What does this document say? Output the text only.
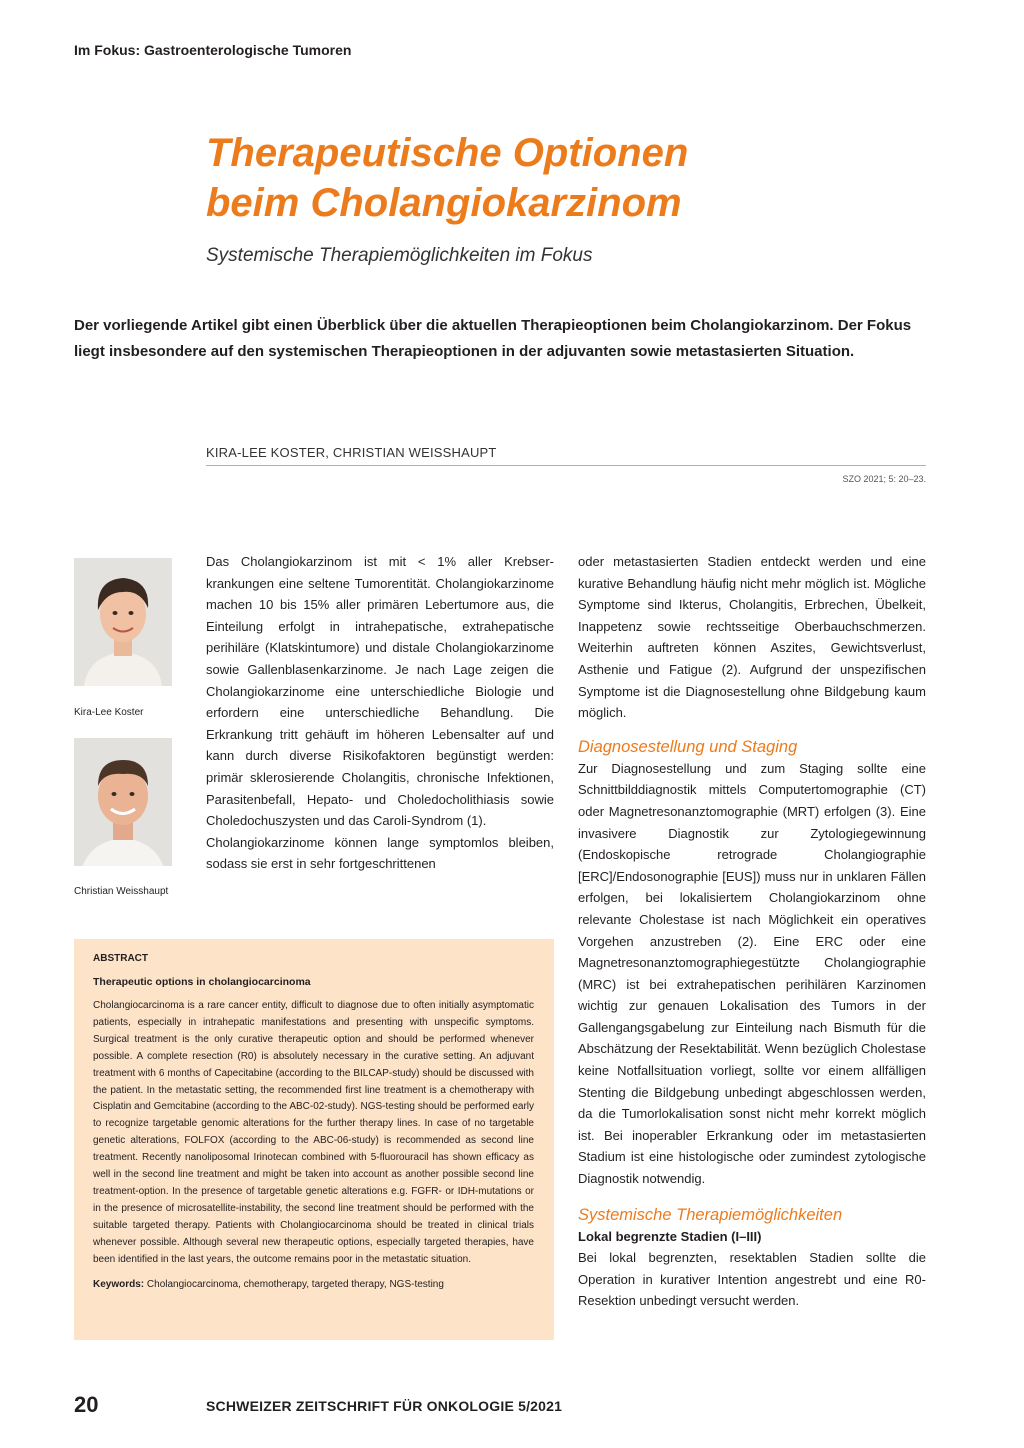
Im Fokus: Gastroenterologische Tumoren
Therapeutische Optionen
beim Cholangiokarzinom
Systemische Therapiemöglichkeiten im Fokus
Der vorliegende Artikel gibt einen Überblick über die aktuellen Therapieoptionen beim Cholangiokarzinom. Der Fokus liegt insbesondere auf den systemischen Therapieoptionen in der adjuvanten sowie metastasierten Situation.
KIRA-LEE KOSTER, CHRISTIAN WEISSHAUPT
SZO 2021; 5: 20–23.
Kira-Lee Koster
Christian Weisshaupt

Das Cholangiokarzinom ist mit < 1% aller Krebserkrankungen eine seltene Tumorentität. Cholangiokarzinome machen 10 bis 15% aller primären Lebertumore aus, die Einteilung erfolgt in intrahepatische, extrahepatische perihiläre (Klatskintumore) und distale Cholangiokarzinome sowie Gallenblasenkarzinome. Je nach Lage zeigen die Cholangiokarzinome eine unterschiedliche Biologie und erfordern eine unterschiedliche Behandlung. Die Erkrankung tritt gehäuft im höheren Lebensalter auf und kann durch diverse Risikofaktoren begünstigt werden: primär sklerosierende Cholangitis, chronische Infektionen, Parasitenbefall, Hepato- und Choledocholithiasis sowie Choledochuszysten und das Caroli-Syndrom (1).

Cholangiokarzinome können lange symptomlos bleiben, sodass sie erst in sehr fortgeschrittenen

oder metastasierten Stadien entdeckt werden und eine kurative Behandlung häufig nicht mehr möglich ist. Mögliche Symptome sind Ikterus, Cholangitis, Erbrechen, Übelkeit, Inappetenz sowie rechtsseitige Oberbauchschmerzen. Weiterhin auftreten können Aszites, Gewichtsverlust, Asthenie und Fatigue (2). Aufgrund der unspezifischen Symptome ist die Diagnosestellung ohne Bildgebung kaum möglich.

Diagnosestellung und Staging

Zur Diagnosestellung und zum Staging sollte eine Schnittbilddiagnostik mittels Computertomographie (CT) oder Magnetresonanztomographie (MRT) erfolgen (3). Eine invasivere Diagnostik zur Zytologiegewinnung (Endoskopische retrograde Cholangiographie [ERC]/Endosonographie [EUS]) muss nur in unklaren Fällen erfolgen, bei lokalisiertem Cholangiokarzinom ohne relevante Cholestase ist nach Möglichkeit ein operatives Vorgehen anzustreben (2). Eine ERC oder eine Magnetresonanztomographiegestützte Cholangiographie (MRC) ist bei extrahepatischen perihilären Karzinomen wichtig zur genauen Lokalisation des Tumors in der Gallengangsgabelung zur Einteilung nach Bismuth für die Abschätzung der Resektabilität. Wenn bezüglich Cholestase keine Notfallsituation vorliegt, sollte vor einem allfälligen Stenting die Bildgebung unbedingt abgeschlossen werden, da die Tumorlokalisation sonst nicht mehr korrekt möglich ist. Bei inoperabler Erkrankung oder im metastasierten Stadium ist eine histologische oder zumindest zytologische Diagnostik notwendig.

Systemische Therapiemöglichkeiten
Lokal begrenzte Stadien (I–III)

Bei lokal begrenzten, resektablen Stadien sollte die Operation in kurativer Intention angestrebt und eine R0-Resektion unbedingt versucht werden.

ABSTRACT

Therapeutic options in cholangiocarcinoma

Cholangiocarcinoma is a rare cancer entity, difficult to diagnose due to often initially asymptomatic patients, especially in intrahepatic manifestations and presenting with unspecific symptoms. Surgical treatment is the only curative therapeutic option and should be performed whenever possible. A complete resection (R0) is absolutely necessary in the curative setting. An adjuvant treatment with 6 months of Capecitabine (according to the BILCAP-study) should be discussed with the patient. In the metastatic setting, the recommended first line treatment is a chemotherapy with Cisplatin and Gemcitabine (according to the ABC-02-study). NGS-testing should be performed early to recognize targetable genomic alterations for the further therapy lines. In case of no targetable genetic alterations, FOLFOX (according to the ABC-06-study) is recommended as second line treatment. Recently nanoliposomal Irinotecan combined with 5-fluorouracil has shown efficacy as well in the second line treatment and might be taken into account as another possible second line treatment-option. In the presence of targetable genetic alterations e.g. FGFR- or IDH-mutations or in the presence of microsatellite-instability, the second line treatment should be performed with the suitable targeted therapy. Patients with Cholangiocarcinoma should be treated in clinical trials whenever possible. Although several new therapeutic options, especially targeted therapies, have been identified in the last years, the outcome remains poor in the metastatic situation.

Keywords: Cholangiocarcinoma, chemotherapy, targeted therapy, NGS-testing

20	SCHWEIZER ZEITSCHRIFT FÜR ONKOLOGIE 5/2021
